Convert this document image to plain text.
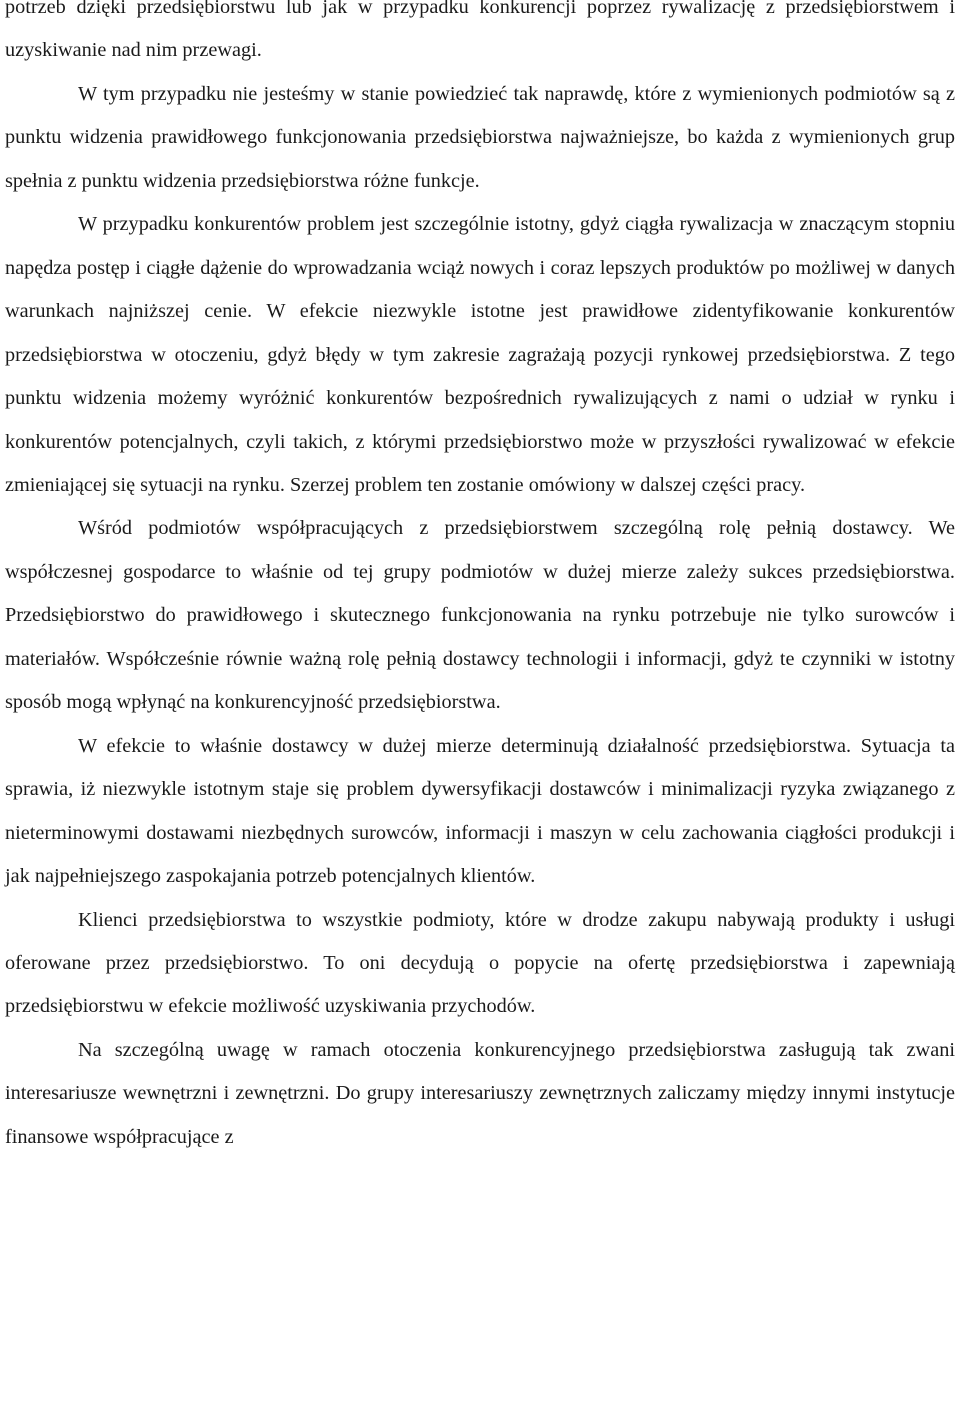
potrzeb dzięki przedsiębiorstwu lub jak w przypadku konkurencji poprzez rywalizację z przedsiębiorstwem i uzyskiwanie nad nim przewagi.

W tym przypadku nie jesteśmy w stanie powiedzieć tak naprawdę, które z wymienionych podmiotów są z punktu widzenia prawidłowego funkcjonowania przedsiębiorstwa najważniejsze, bo każda z wymienionych grup spełnia z punktu widzenia przedsiębiorstwa różne funkcje.

W przypadku konkurentów problem jest szczególnie istotny, gdyż ciągła rywalizacja w znaczącym stopniu napędza postęp i ciągłe dążenie do wprowadzania wciąż nowych i coraz lepszych produktów po możliwej w danych warunkach najniższej cenie. W efekcie niezwykle istotne jest prawidłowe zidentyfikowanie konkurentów przedsiębiorstwa w otoczeniu, gdyż błędy w tym zakresie zagrażają pozycji rynkowej przedsiębiorstwa. Z tego punktu widzenia możemy wyróżnić konkurentów bezpośrednich rywalizujących z nami o udział w rynku i konkurentów potencjalnych, czyli takich, z którymi przedsiębiorstwo może w przyszłości rywalizować w efekcie zmieniającej się sytuacji na rynku. Szerzej problem ten zostanie omówiony w dalszej części pracy.

Wśród podmiotów współpracujących z przedsiębiorstwem szczególną rolę pełnią dostawcy. We współczesnej gospodarce to właśnie od tej grupy podmiotów w dużej mierze zależy sukces przedsiębiorstwa. Przedsiębiorstwo do prawidłowego i skutecznego funkcjonowania na rynku potrzebuje nie tylko surowców i materiałów. Współcześnie równie ważną rolę pełnią dostawcy technologii i informacji, gdyż te czynniki w istotny sposób mogą wpłynąć na konkurencyjność przedsiębiorstwa.

W efekcie to właśnie dostawcy w dużej mierze determinują działalność przedsiębiorstwa. Sytuacja ta sprawia, iż niezwykle istotnym staje się problem dywersyfikacji dostawców i minimalizacji ryzyka związanego z nieterminowymi dostawami niezbędnych surowców, informacji i maszyn w celu zachowania ciągłości produkcji i jak najpełniejszego zaspokajania potrzeb potencjalnych klientów.

Klienci przedsiębiorstwa to wszystkie podmioty, które w drodze zakupu nabywają produkty i usługi oferowane przez przedsiębiorstwo. To oni decydują o popycie na ofertę przedsiębiorstwa i zapewniają przedsiębiorstwu w efekcie możliwość uzyskiwania przychodów.

Na szczególną uwagę w ramach otoczenia konkurencyjnego przedsiębiorstwa zasługują tak zwani interesariusze wewnętrzni i zewnętrzni. Do grupy interesariuszy zewnętrznych zaliczamy między innymi instytucje finansowe współpracujące z
